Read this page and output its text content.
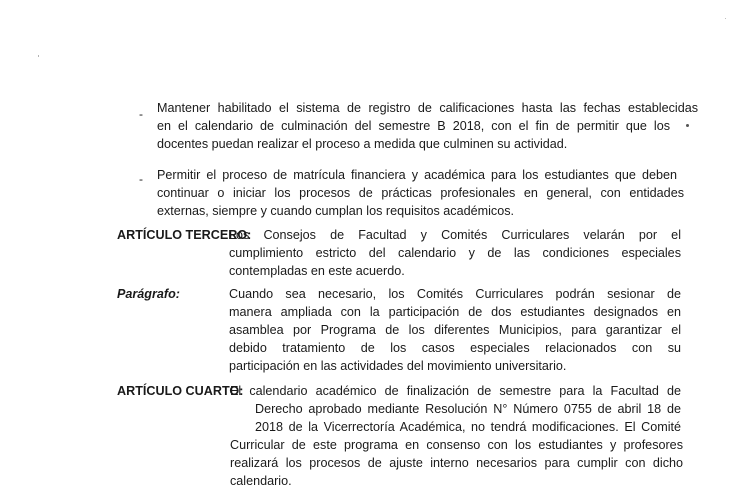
- Mantener habilitado el sistema de registro de calificaciones hasta las fechas establecidas
en el calendario de culminación del semestre B 2018, con el fin de permitir que los
docentes puedan realizar el proceso a medida que culminen su actividad.
- Permitir el proceso de matrícula financiera y académica para los estudiantes que deben
continuar o iniciar los procesos de prácticas profesionales en general, con entidades
externas, siempre y cuando cumplan los requisitos académicos.
ARTÍCULO TERCERO:
Los Consejos de Facultad y Comités Curriculares velarán por el
cumplimiento estricto del calendario y de las condiciones especiales
contempladas en este acuerdo.
Parágrafo:	Cuando sea necesario, los Comités Curriculares podrán sesionar de
manera ampliada con la participación de dos estudiantes designados en
asamblea por Programa de los diferentes Municipios, para garantizar el
debido tratamiento de los casos especiales relacionados con su
participación en las actividades del movimiento universitario.
ARTÍCULO CUARTO:
El calendario académico de finalización de semestre para la Facultad de
Derecho aprobado mediante Resolución N° Número 0755 de abril 18 de
2018 de la Vicerrectoría Académica, no tendrá modificaciones. El Comité
Curricular de este programa en consenso con los estudiantes y profesores
realizará los procesos de ajuste interno necesarios para cumplir con dicho
calendario.
